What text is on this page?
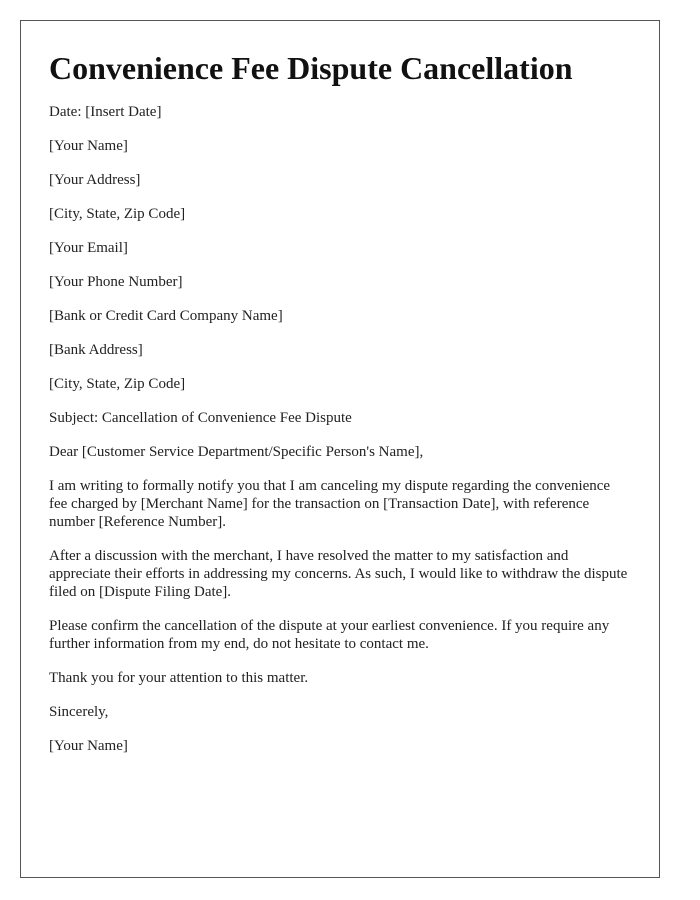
Convenience Fee Dispute Cancellation
Date: [Insert Date]
[Your Name]
[Your Address]
[City, State, Zip Code]
[Your Email]
[Your Phone Number]
[Bank or Credit Card Company Name]
[Bank Address]
[City, State, Zip Code]
Subject: Cancellation of Convenience Fee Dispute
Dear [Customer Service Department/Specific Person's Name],

I am writing to formally notify you that I am canceling my dispute regarding the convenience fee charged by [Merchant Name] for the transaction on [Transaction Date], with reference number [Reference Number].

After a discussion with the merchant, I have resolved the matter to my satisfaction and appreciate their efforts in addressing my concerns. As such, I would like to withdraw the dispute filed on [Dispute Filing Date].

Please confirm the cancellation of the dispute at your earliest convenience. If you require any further information from my end, do not hesitate to contact me.

Thank you for your attention to this matter.

Sincerely,
[Your Name]
